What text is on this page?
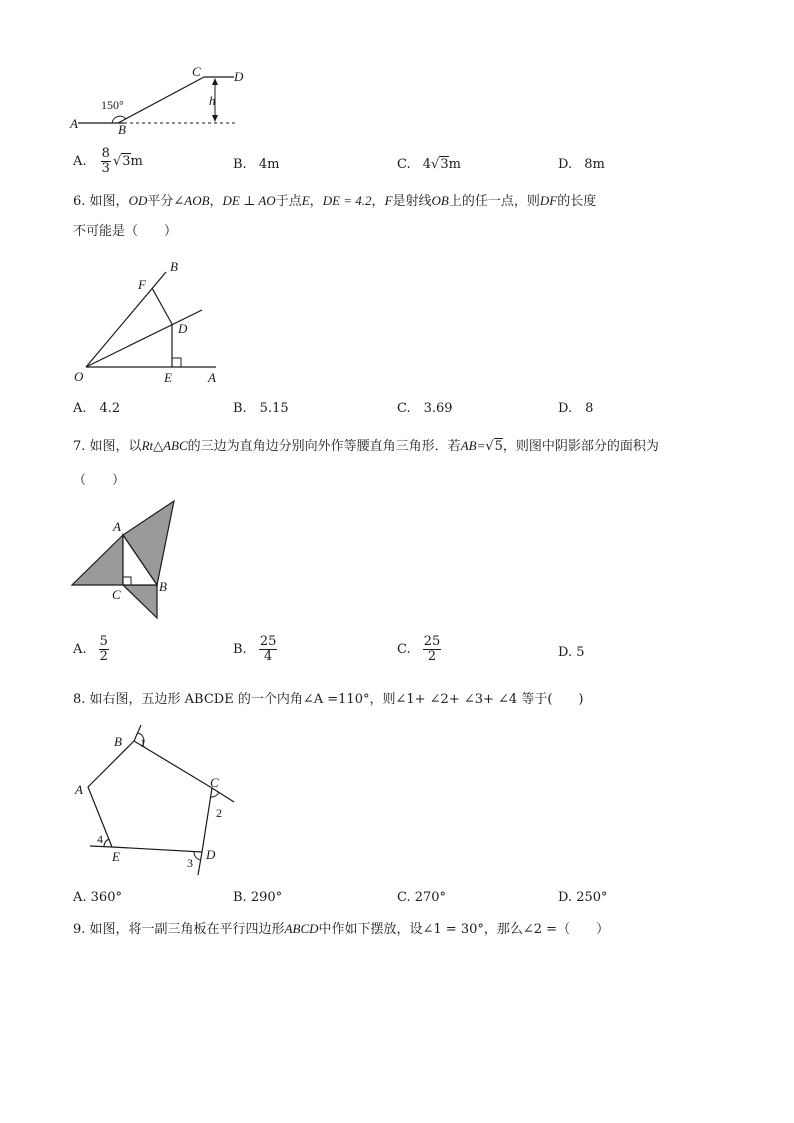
A	B
C	D
h
150°
A. $\frac{8}{3} √3m$	B. 4m	C. 4√3m	D. 8m
6. 如图，OD平分∠AOB，DE ⊥ AO于点E，DE = 4.2，F是射线OB上的任一点，则DF的长度
不可能是（　　）
O	E	A
D
F
B
A.　4.2	B.　5.15	C.　3.69	D.　8
7. 如图，以Rt△ABC的三边为直角边分别向外作等腰直角三角形．若AB=√5，则图中阴影部分的面积为
（　　）
A
B
C
A. $\frac{5}{2}$	B. $\frac{25}{4}$	C. $\frac{25}{2}$	D. 5
8. 如右图，五边形 ABCDE 的一个内角∠A =110°，则∠1+ ∠2+ ∠3+ ∠4 等于(　　)
A
B
C
D
E
1
2
3
4
A. 360°	B. 290°	C. 270°	D. 250°
9. 如图，将一副三角板在平行四边形ABCD中作如下摆放，设∠1 = 30°，那么∠2 =（　　）
